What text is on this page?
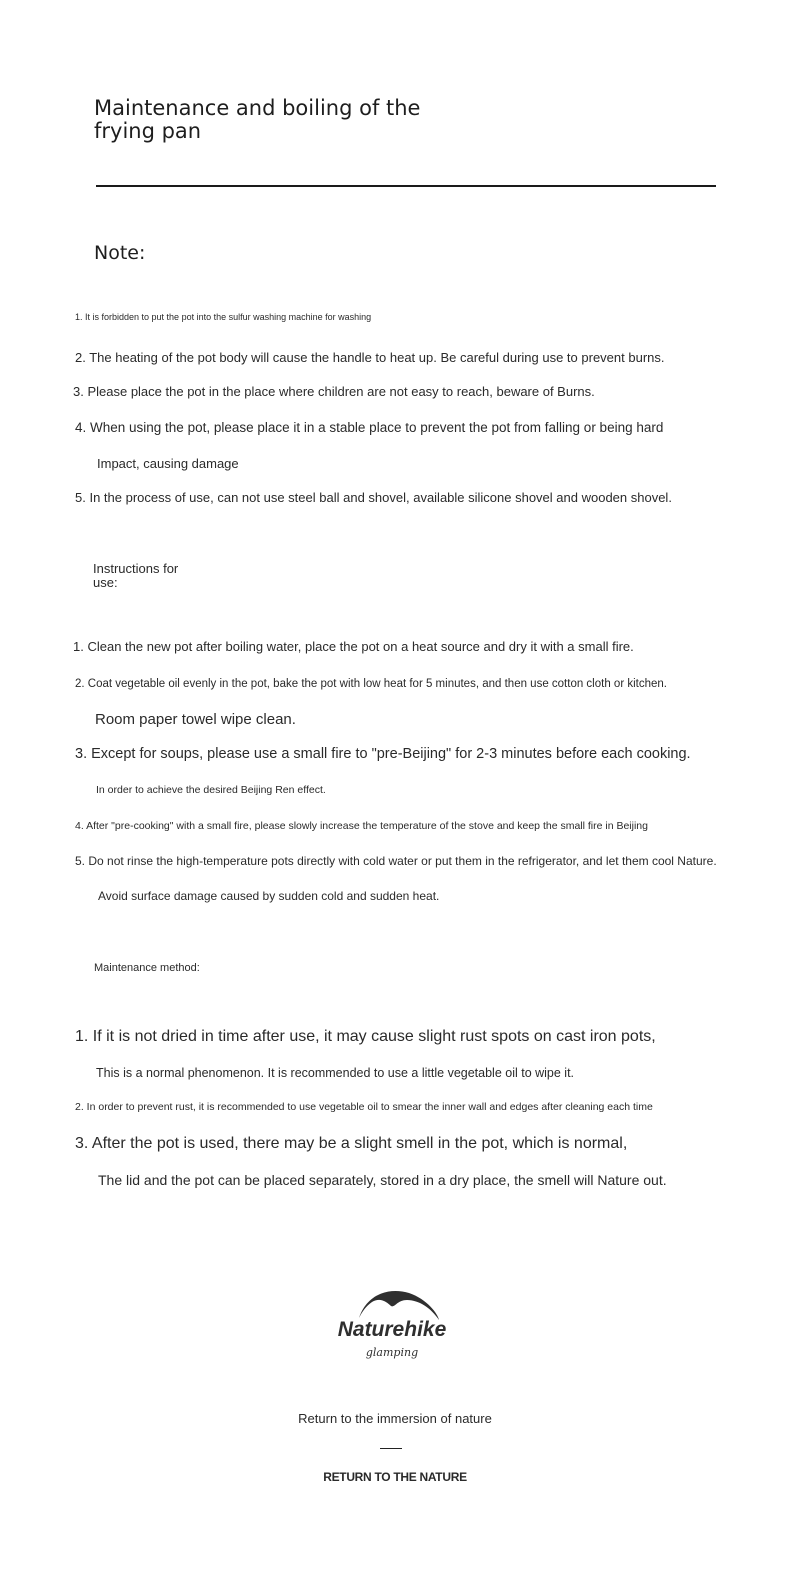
Maintenance and boiling of the frying pan
Note:
1. It is forbidden to put the pot into the sulfur washing machine for washing
2. The heating of the pot body will cause the handle to heat up. Be careful during use to prevent burns.
3. Please place the pot in the place where children are not easy to reach, beware of Burns.
4. When using the pot, please place it in a stable place to prevent the pot from falling or being hard
Impact, causing damage
5. In the process of use, can not use steel ball and shovel, available silicone shovel and wooden shovel.
Instructions for use:
1. Clean the new pot after boiling water, place the pot on a heat source and dry it with a small fire.
2. Coat vegetable oil evenly in the pot, bake the pot with low heat for 5 minutes, and then use cotton cloth or kitchen.
Room paper towel wipe clean.
3. Except for soups, please use a small fire to "pre-Beijing" for 2-3 minutes before each cooking.
In order to achieve the desired Beijing Ren effect.
4. After "pre-cooking" with a small fire, please slowly increase the temperature of the stove and keep the small fire in Beijing
5. Do not rinse the high-temperature pots directly with cold water or put them in the refrigerator, and let them cool Nature.
Avoid surface damage caused by sudden cold and sudden heat.
Maintenance method:
1. If it is not dried in time after use, it may cause slight rust spots on cast iron pots,
This is a normal phenomenon. It is recommended to use a little vegetable oil to wipe it.
2. In order to prevent rust, it is recommended to use vegetable oil to smear the inner wall and edges after cleaning each time
3. After the pot is used, there may be a slight smell in the pot, which is normal,
The lid and the pot can be placed separately, stored in a dry place, the smell will Nature out.
Naturehike
glamping
Return to the immersion of nature
RETURN TO THE NATURE
